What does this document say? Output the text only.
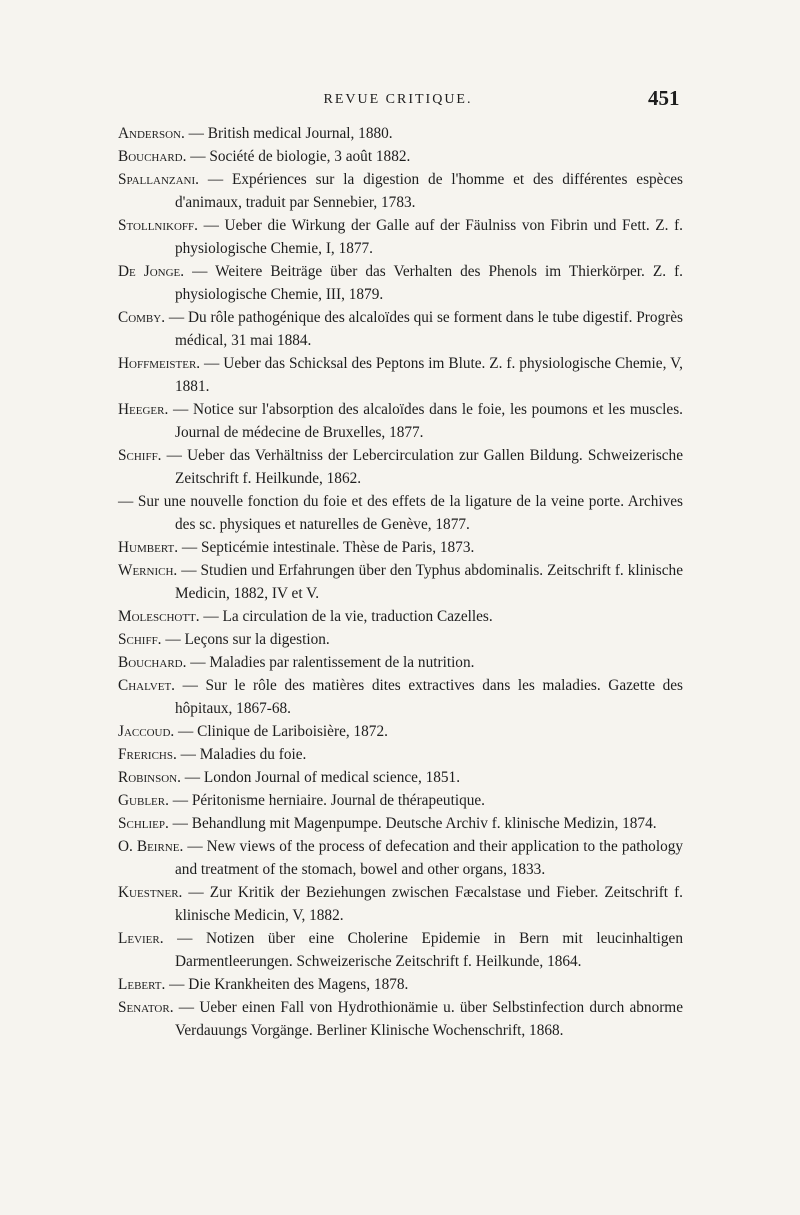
REVUE CRITIQUE.	451
Anderson. — British medical Journal, 1880.
Bouchard. — Société de biologie, 3 août 1882.
Spallanzani. — Expériences sur la digestion de l'homme et des différentes espèces d'animaux, traduit par Sennebier, 1783.
Stollnikoff. — Ueber die Wirkung der Galle auf der Fäulniss von Fibrin und Fett. Z. f. physiologische Chemie, I, 1877.
De Jonge. — Weitere Beiträge über das Verhalten des Phenols im Thierkörper. Z. f. physiologische Chemie, III, 1879.
Comby. — Du rôle pathogénique des alcaloïdes qui se forment dans le tube digestif. Progrès médical, 31 mai 1884.
Hoffmeister. — Ueber das Schicksal des Peptons im Blute. Z. f. physiologische Chemie, V, 1881.
Heeger. — Notice sur l'absorption des alcaloïdes dans le foie, les poumons et les muscles. Journal de médecine de Bruxelles, 1877.
Schiff. — Ueber das Verhältniss der Lebercirculation zur Gallen Bildung. Schweizerische Zeitschrift f. Heilkunde, 1862.
— Sur une nouvelle fonction du foie et des effets de la ligature de la veine porte. Archives des sc. physiques et naturelles de Genève, 1877.
Humbert. — Septicémie intestinale. Thèse de Paris, 1873.
Wernich. — Studien und Erfahrungen über den Typhus abdominalis. Zeitschrift f. klinische Medicin, 1882, IV et V.
Moleschott. — La circulation de la vie, traduction Cazelles.
Schiff. — Leçons sur la digestion.
Bouchard. — Maladies par ralentissement de la nutrition.
Chalvet. — Sur le rôle des matières dites extractives dans les maladies. Gazette des hôpitaux, 1867-68.
Jaccoud. — Clinique de Lariboisière, 1872.
Frerichs. — Maladies du foie.
Robinson. — London Journal of medical science, 1851.
Gubler. — Péritonisme herniaire. Journal de thérapeutique.
Schliep. — Behandlung mit Magenpumpe. Deutsche Archiv f. klinische Medizin, 1874.
O. Beirne. — New views of the process of defecation and their application to the pathology and treatment of the stomach, bowel and other organs, 1833.
Kuestner. — Zur Kritik der Beziehungen zwischen Fæcalstase und Fieber. Zeitschrift f. klinische Medicin, V, 1882.
Levier. — Notizen über eine Cholerine Epidemie in Bern mit leucinhaltigen Darmentleerungen. Schweizerische Zeitschrift f. Heilkunde, 1864.
Lebert. — Die Krankheiten des Magens, 1878.
Senator. — Ueber einen Fall von Hydrothionämie u. über Selbstinfection durch abnorme Verdauungs Vorgänge. Berliner Klinische Wochenschrift, 1868.
